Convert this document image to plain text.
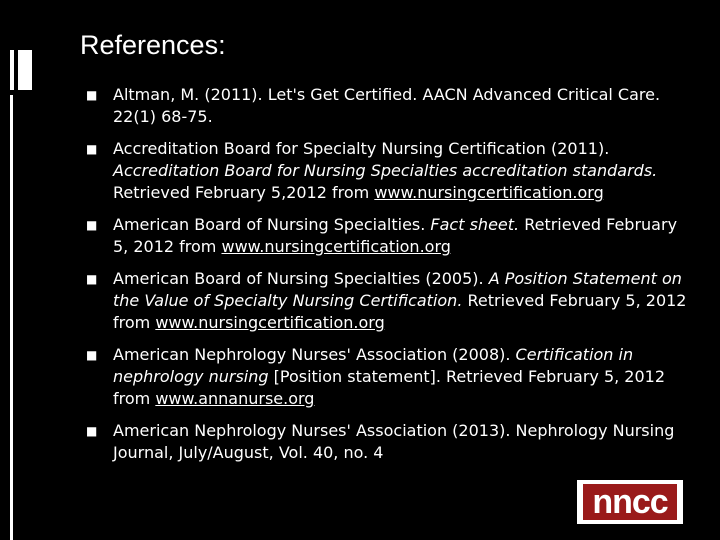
References:
■ Altman, M. (2011). Let's Get Certified. AACN Advanced Critical Care. 22(1) 68-75.
■ Accreditation Board for Specialty Nursing Certification (2011). Accreditation Board for Nursing Specialties accreditation standards. Retrieved February 5,2012 from www.nursingcertification.org
■ American Board of Nursing Specialties. Fact sheet. Retrieved February 5, 2012 from www.nursingcertification.org
■ American Board of Nursing Specialties (2005). A Position Statement on the Value of Specialty Nursing Certification. Retrieved February 5, 2012 from www.nursingcertification.org
■ American Nephrology Nurses' Association (2008). Certification in nephrology nursing [Position statement]. Retrieved February 5, 2012 from www.annanurse.org
■ American Nephrology Nurses' Association (2013). Nephrology Nursing Journal, July/August, Vol. 40, no. 4
nncc
